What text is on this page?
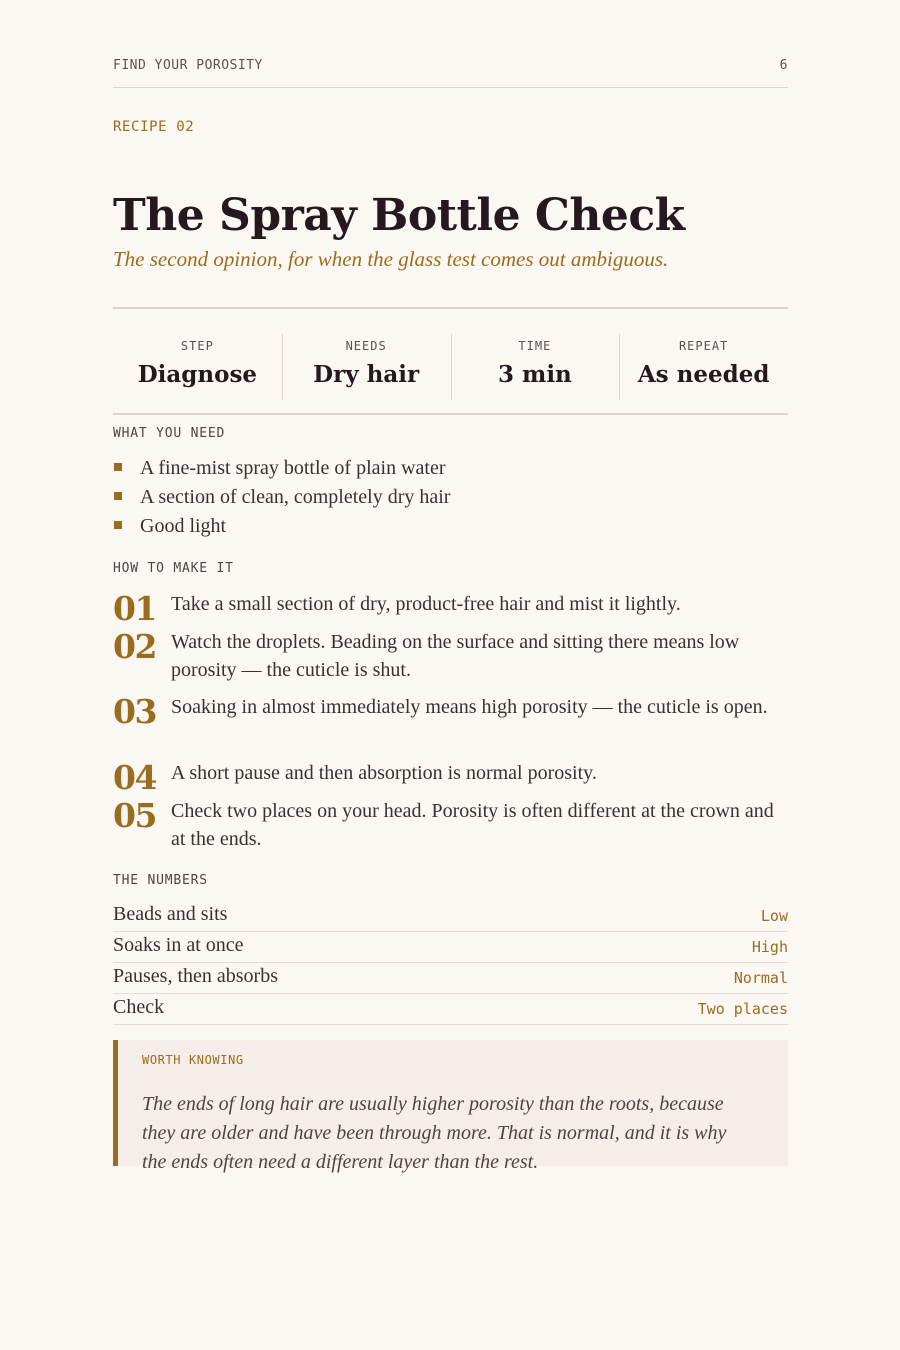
FIND YOUR POROSITY	6
RECIPE 02
The Spray Bottle Check
The second opinion, for when the glass test comes out ambiguous.
STEP
Diagnose
NEEDS
Dry hair
TIME
3 min
REPEAT
As needed
WHAT YOU NEED
A fine-mist spray bottle of plain water
A section of clean, completely dry hair
Good light
HOW TO MAKE IT
01 Take a small section of dry, product-free hair and mist it lightly.
02 Watch the droplets. Beading on the surface and sitting there means low porosity — the cuticle is shut.
03 Soaking in almost immediately means high porosity — the cuticle is open.
04 A short pause and then absorption is normal porosity.
05 Check two places on your head. Porosity is often different at the crown and at the ends.
THE NUMBERS
Beads and sits	Low
Soaks in at once	High
Pauses, then absorbs	Normal
Check	Two places
WORTH KNOWING
The ends of long hair are usually higher porosity than the roots, because they are older and have been through more. That is normal, and it is why the ends often need a different layer than the rest.
